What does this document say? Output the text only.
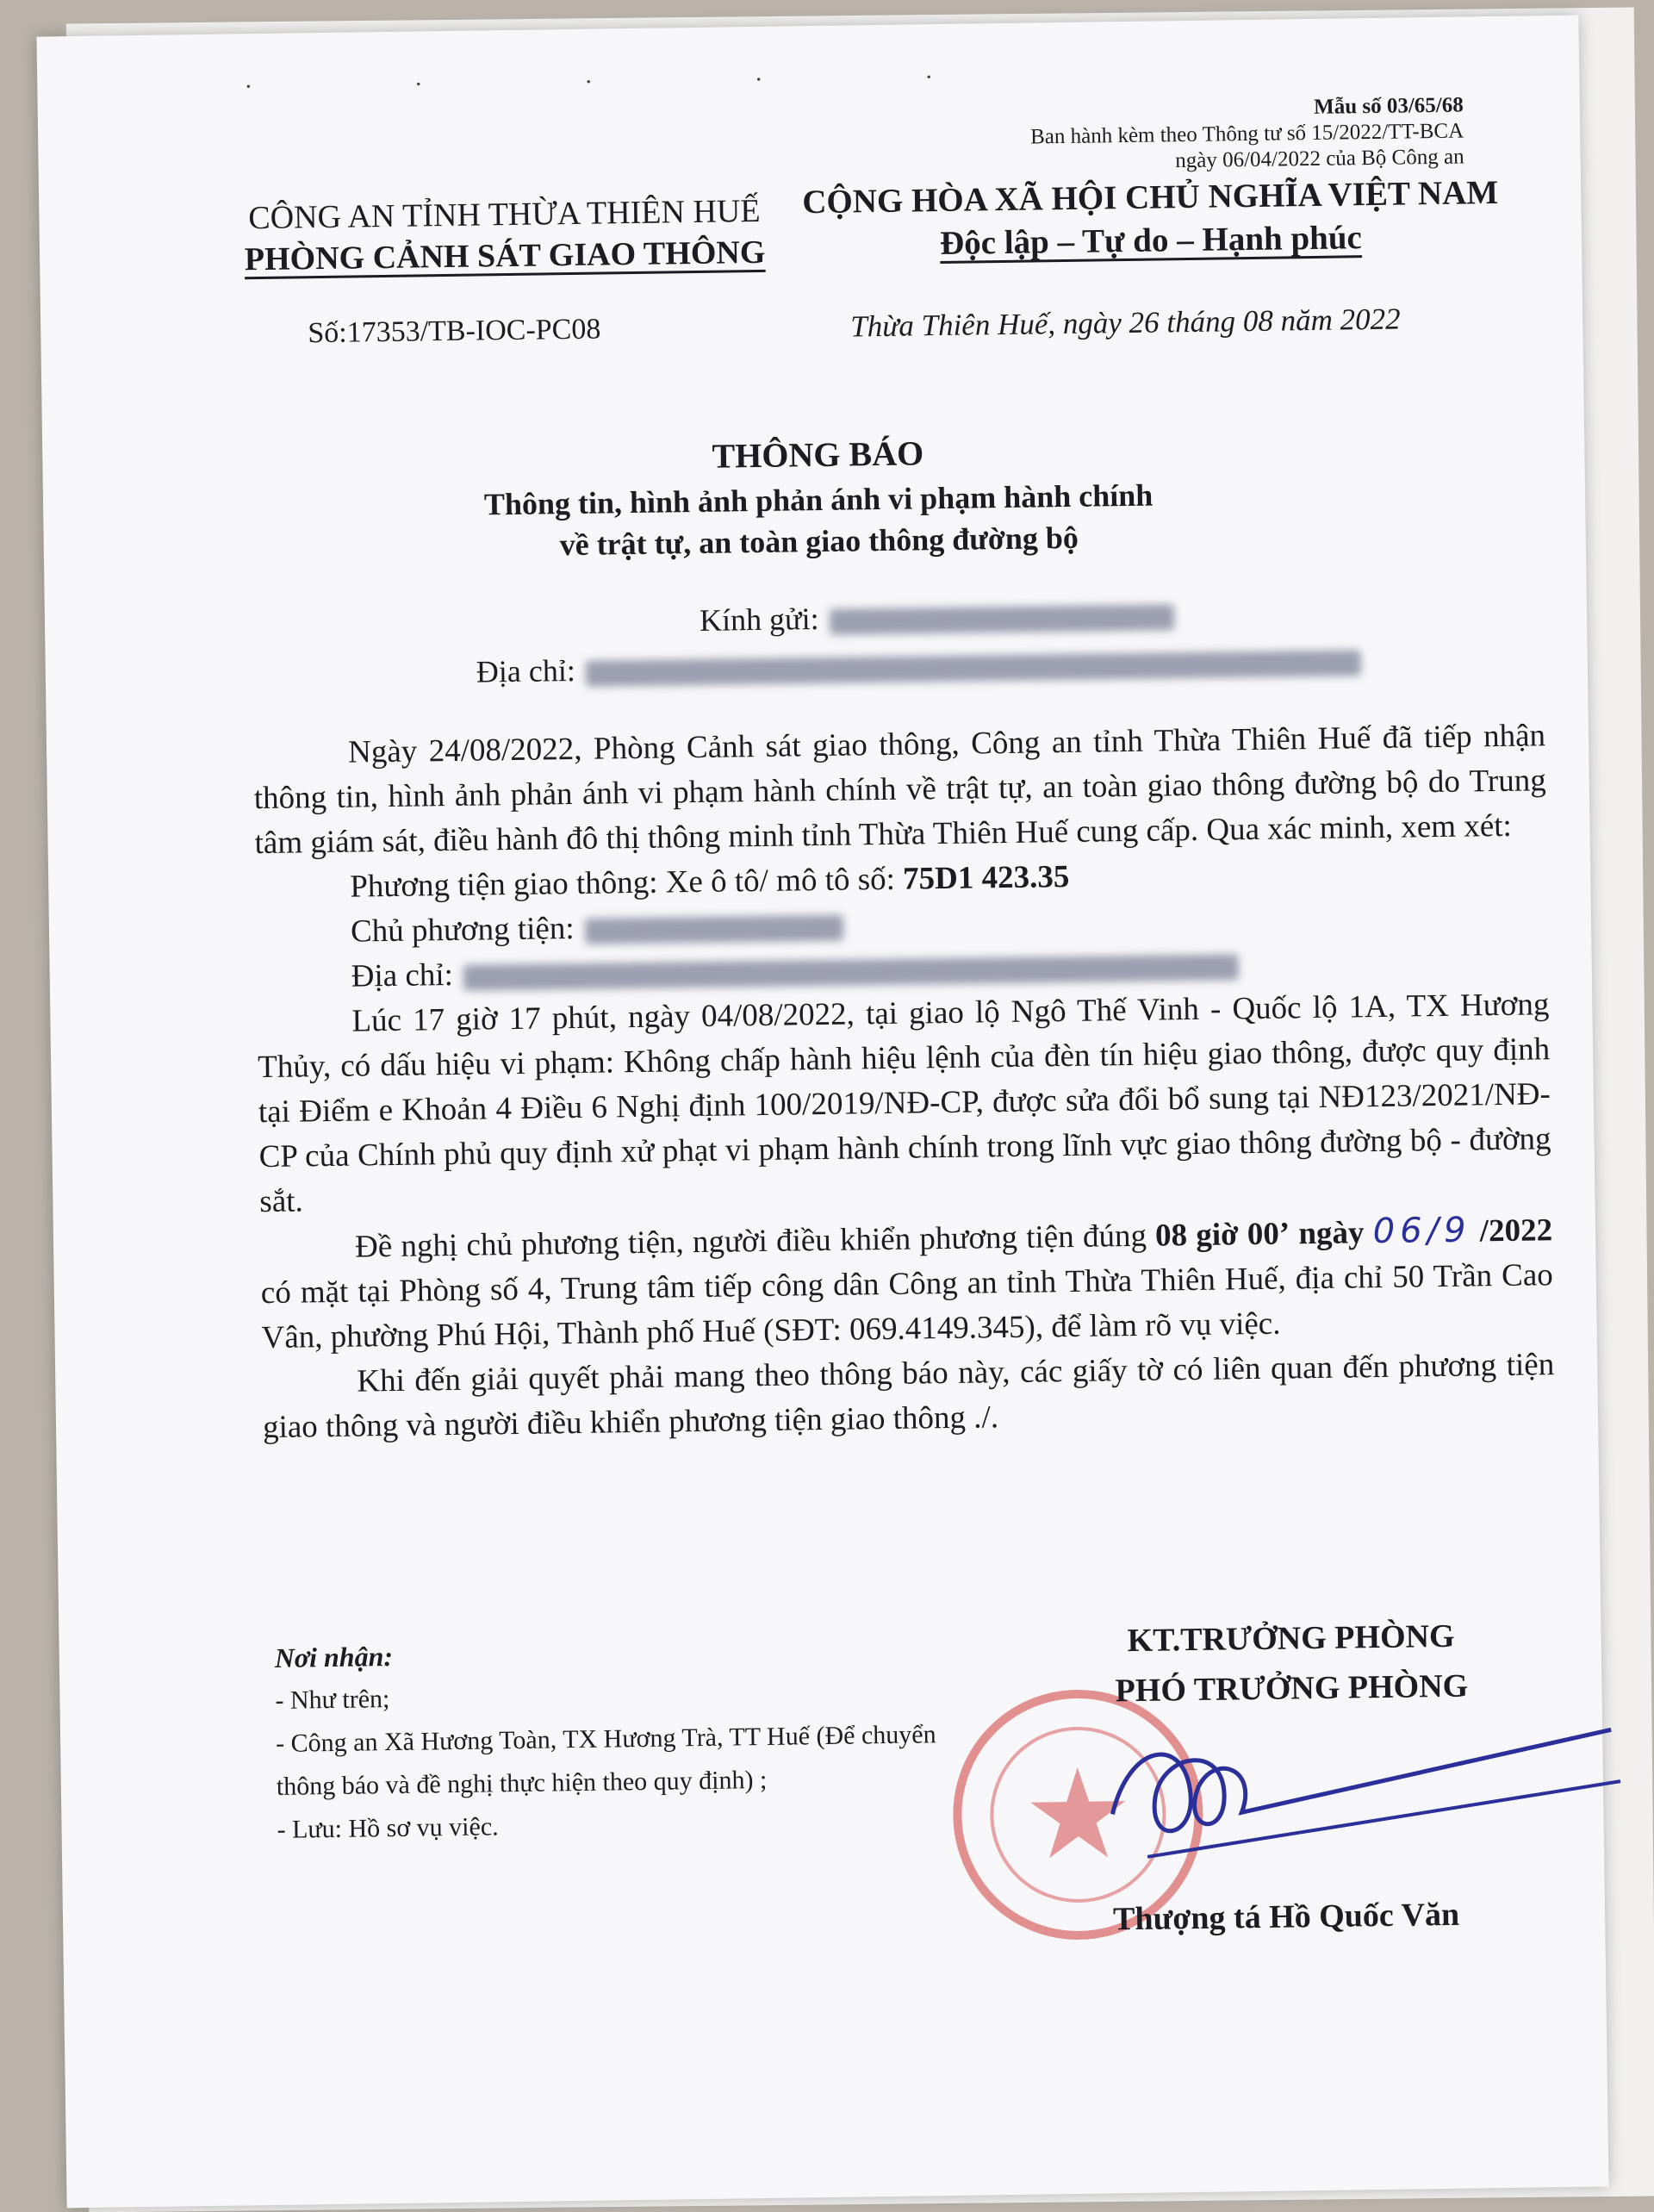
· · · · ·
Mẫu số 03/65/68
Ban hành kèm theo Thông tư số 15/2022/TT-BCA
ngày 06/04/2022 của Bộ Công an
CÔNG AN TỈNH THỪA THIÊN HUẾ
PHÒNG CẢNH SÁT GIAO THÔNG
CỘNG HÒA XÃ HỘI CHỦ NGHĨA VIỆT NAM
Độc lập – Tự do – Hạnh phúc
Số:17353/TB-IOC-PC08	Thừa Thiên Huế, ngày 26 tháng 08 năm 2022
THÔNG BÁO
Thông tin, hình ảnh phản ánh vi phạm hành chính
về trật tự, an toàn giao thông đường bộ
Kính gửi:
Địa chỉ:

Ngày 24/08/2022, Phòng Cảnh sát giao thông, Công an tỉnh Thừa Thiên Huế đã tiếp nhận thông tin, hình ảnh phản ánh vi phạm hành chính về trật tự, an toàn giao thông đường bộ do Trung tâm giám sát, điều hành đô thị thông minh tỉnh Thừa Thiên Huế cung cấp. Qua xác minh, xem xét:

Phương tiện giao thông: Xe ô tô/ mô tô số: 75D1 423.35

Chủ phương tiện:

Địa chỉ:

Lúc 17 giờ 17 phút, ngày 04/08/2022, tại giao lộ Ngô Thế Vinh - Quốc lộ 1A, TX Hương Thủy, có dấu hiệu vi phạm: Không chấp hành hiệu lệnh của đèn tín hiệu giao thông, được quy định tại Điểm e Khoản 4 Điều 6 Nghị định 100/2019/NĐ-CP, được sửa đổi bổ sung tại NĐ123/2021/NĐ-CP của Chính phủ quy định xử phạt vi phạm hành chính trong lĩnh vực giao thông đường bộ - đường sắt.

Đề nghị chủ phương tiện, người điều khiển phương tiện đúng 08 giờ 00’ ngày 06/9 /2022 có mặt tại Phòng số 4, Trung tâm tiếp công dân Công an tỉnh Thừa Thiên Huế, địa chỉ 50 Trần Cao Vân, phường Phú Hội, Thành phố Huế (SĐT: 069.4149.345), để làm rõ vụ việc.

Khi đến giải quyết phải mang theo thông báo này, các giấy tờ có liên quan đến phương tiện giao thông và người điều khiển phương tiện giao thông ./.

Nơi nhận:
- Như trên;
- Công an Xã Hương Toàn, TX Hương Trà, TT Huế (Để chuyển thông báo và đề nghị thực hiện theo quy định) ;
- Lưu: Hồ sơ vụ việc.
KT.TRƯỞNG PHÒNG
PHÓ TRƯỞNG PHÒNG
Thượng tá Hồ Quốc Văn
